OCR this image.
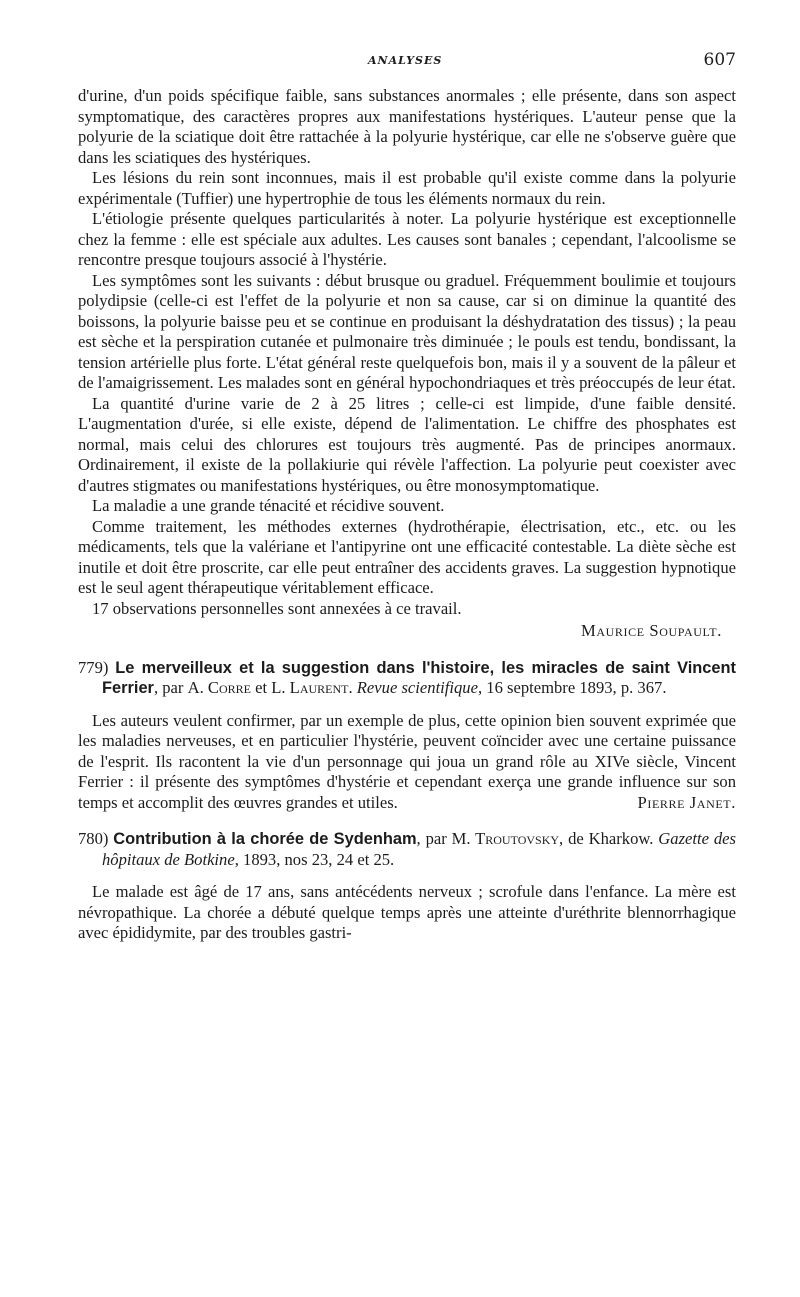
ANALYSES	607

d'urine, d'un poids spécifique faible, sans substances anormales ; elle présente, dans son aspect symptomatique, des caractères propres aux manifestations hystériques. L'auteur pense que la polyurie de la sciatique doit être rattachée à la polyurie hystérique, car elle ne s'observe guère que dans les sciatiques des hystériques.

Les lésions du rein sont inconnues, mais il est probable qu'il existe comme dans la polyurie expérimentale (Tuffier) une hypertrophie de tous les éléments normaux du rein.

L'étiologie présente quelques particularités à noter. La polyurie hystérique est exceptionnelle chez la femme : elle est spéciale aux adultes. Les causes sont banales ; cependant, l'alcoolisme se rencontre presque toujours associé à l'hystérie.

Les symptômes sont les suivants : début brusque ou graduel. Fréquemment boulimie et toujours polydipsie (celle-ci est l'effet de la polyurie et non sa cause, car si on diminue la quantité des boissons, la polyurie baisse peu et se continue en produisant la déshydratation des tissus) ; la peau est sèche et la perspiration cutanée et pulmonaire très diminuée ; le pouls est tendu, bondissant, la tension artérielle plus forte. L'état général reste quelquefois bon, mais il y a souvent de la pâleur et de l'amaigrissement. Les malades sont en général hypochondriaques et très préoccupés de leur état.

La quantité d'urine varie de 2 à 25 litres ; celle-ci est limpide, d'une faible densité. L'augmentation d'urée, si elle existe, dépend de l'alimentation. Le chiffre des phosphates est normal, mais celui des chlorures est toujours très augmenté. Pas de principes anormaux. Ordinairement, il existe de la pollakiurie qui révèle l'affection. La polyurie peut coexister avec d'autres stigmates ou manifestations hystériques, ou être monosymptomatique.

La maladie a une grande ténacité et récidive souvent.

Comme traitement, les méthodes externes (hydrothérapie, électrisation, etc., etc. ou les médicaments, tels que la valériane et l'antipyrine ont une efficacité contestable. La diète sèche est inutile et doit être proscrite, car elle peut entraîner des accidents graves. La suggestion hypnotique est le seul agent thérapeutique véritablement efficace.

17 observations personnelles sont annexées à ce travail.

Maurice Soupault.

779) Le merveilleux et la suggestion dans l'histoire, les miracles de saint Vincent Ferrier, par A. Corre et L. Laurent. Revue scientifique, 16 septembre 1893, p. 367.

Les auteurs veulent confirmer, par un exemple de plus, cette opinion bien souvent exprimée que les maladies nerveuses, et en particulier l'hystérie, peuvent coïncider avec une certaine puissance de l'esprit. Ils racontent la vie d'un personnage qui joua un grand rôle au XIVe siècle, Vincent Ferrier : il présente des symptômes d'hystérie et cependant exerça une grande influence sur son temps et accomplit des œuvres grandes et utiles.	Pierre Janet.

780) Contribution à la chorée de Sydenham, par M. Troutovsky, de Kharkow. Gazette des hôpitaux de Botkine, 1893, nos 23, 24 et 25.

Le malade est âgé de 17 ans, sans antécédents nerveux ; scrofule dans l'enfance. La mère est névropathique. La chorée a débuté quelque temps après une atteinte d'uréthrite blennorrhagique avec épididymite, par des troubles gastri-
